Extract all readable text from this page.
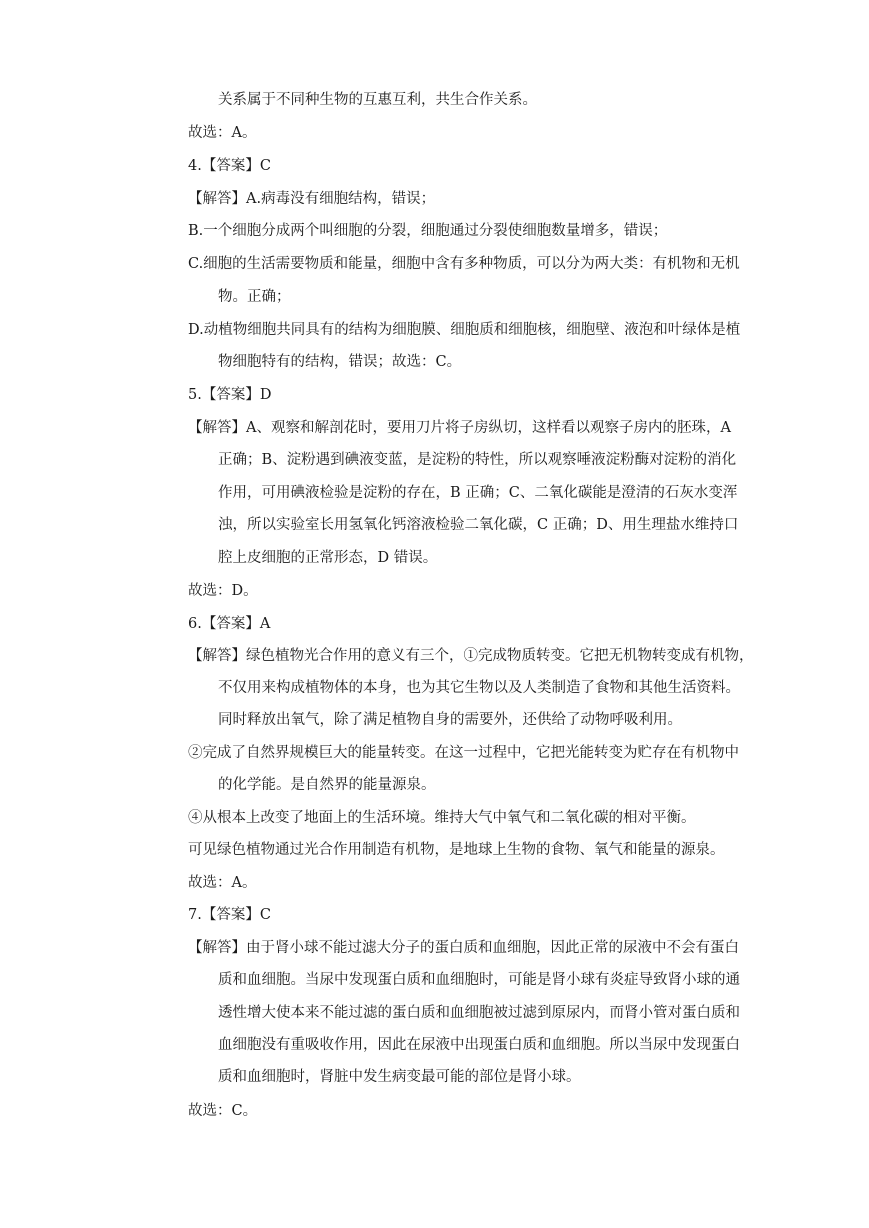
关系属于不同种生物的互惠互利，共生合作关系。
故选：A。
4.【答案】C
【解答】A.病毒没有细胞结构，错误；
B.一个细胞分成两个叫细胞的分裂，细胞通过分裂使细胞数量增多，错误；
C.细胞的生活需要物质和能量，细胞中含有多种物质，可以分为两大类：有机物和无机
物。正确；
D.动植物细胞共同具有的结构为细胞膜、细胞质和细胞核，细胞壁、液泡和叶绿体是植
物细胞特有的结构，错误；故选：C。
5.【答案】D
【解答】A、观察和解剖花时，要用刀片将子房纵切，这样看以观察子房内的胚珠，A
正确；B、淀粉遇到碘液变蓝，是淀粉的特性，所以观察唾液淀粉酶对淀粉的消化
作用，可用碘液检验是淀粉的存在，B 正确；C、二氧化碳能是澄清的石灰水变浑
浊，所以实验室长用氢氧化钙溶液检验二氧化碳，C 正确；D、用生理盐水维持口
腔上皮细胞的正常形态，D 错误。
故选：D。
6.【答案】A
【解答】绿色植物光合作用的意义有三个，①完成物质转变。它把无机物转变成有机物，
不仅用来构成植物体的本身，也为其它生物以及人类制造了食物和其他生活资料。
同时释放出氧气，除了满足植物自身的需要外，还供给了动物呼吸利用。
②完成了自然界规模巨大的能量转变。在这一过程中，它把光能转变为贮存在有机物中
的化学能。是自然界的能量源泉。
④从根本上改变了地面上的生活环境。维持大气中氧气和二氧化碳的相对平衡。
可见绿色植物通过光合作用制造有机物，是地球上生物的食物、氧气和能量的源泉。
故选：A。
7.【答案】C
【解答】由于肾小球不能过滤大分子的蛋白质和血细胞，因此正常的尿液中不会有蛋白
质和血细胞。当尿中发现蛋白质和血细胞时，可能是肾小球有炎症导致肾小球的通
透性增大使本来不能过滤的蛋白质和血细胞被过滤到原尿内，而肾小管对蛋白质和
血细胞没有重吸收作用，因此在尿液中出现蛋白质和血细胞。所以当尿中发现蛋白
质和血细胞时，肾脏中发生病变最可能的部位是肾小球。
故选：C。
